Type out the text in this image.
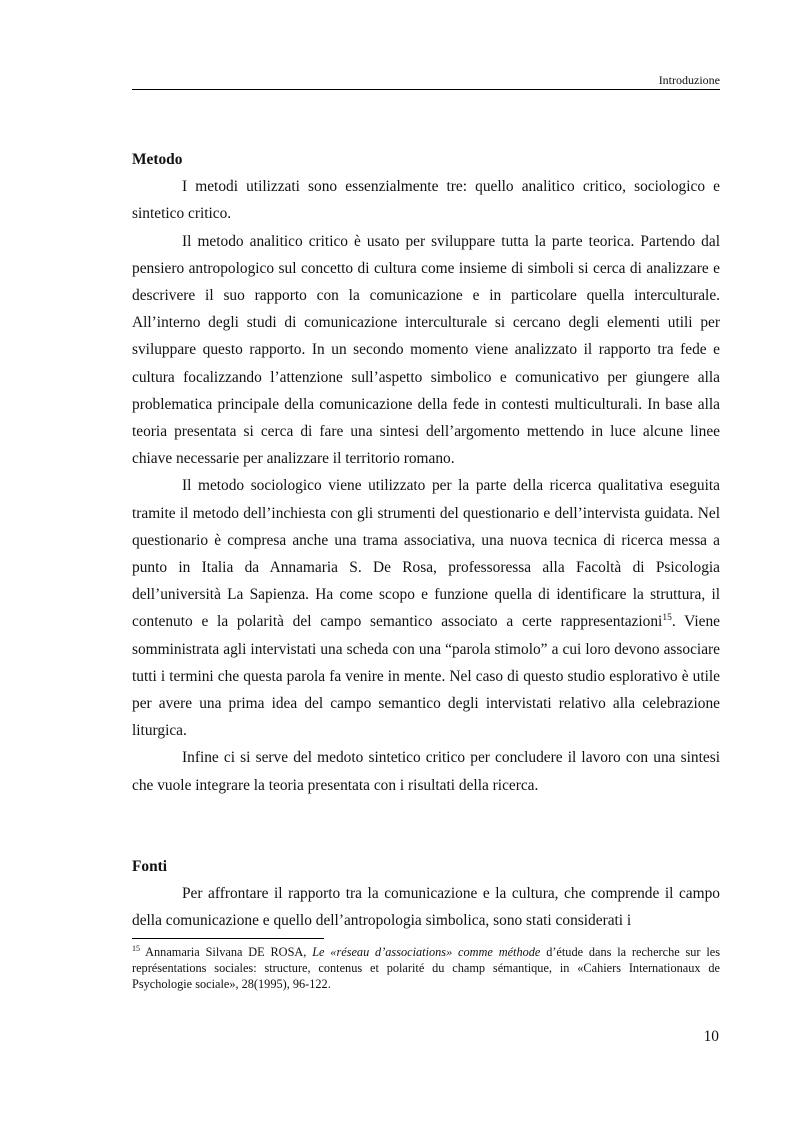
Introduzione
Metodo

I metodi utilizzati sono essenzialmente tre: quello analitico critico, sociologico e sintetico critico.

Il metodo analitico critico è usato per sviluppare tutta la parte teorica. Partendo dal pensiero antropologico sul concetto di cultura come insieme di simboli si cerca di analizzare e descrivere il suo rapporto con la comunicazione e in particolare quella interculturale. All’interno degli studi di comunicazione interculturale si cercano degli elementi utili per sviluppare questo rapporto. In un secondo momento viene analizzato il rapporto tra fede e cultura focalizzando l’attenzione sull’aspetto simbolico e comunicativo per giungere alla problematica principale della comunicazione della fede in contesti multiculturali. In base alla teoria presentata si cerca di fare una sintesi dell’argomento mettendo in luce alcune linee chiave necessarie per analizzare il territorio romano.

Il metodo sociologico viene utilizzato per la parte della ricerca qualitativa eseguita tramite il metodo dell’inchiesta con gli strumenti del questionario e dell’intervista guidata. Nel questionario è compresa anche una trama associativa, una nuova tecnica di ricerca messa a punto in Italia da Annamaria S. De Rosa, professoressa alla Facoltà di Psicologia dell’università La Sapienza. Ha come scopo e funzione quella di identificare la struttura, il contenuto e la polarità del campo semantico associato a certe rappresentazioni$^{15}$. Viene somministrata agli intervistati una scheda con una “parola stimolo” a cui loro devono associare tutti i termini che questa parola fa venire in mente. Nel caso di questo studio esplorativo è utile per avere una prima idea del campo semantico degli intervistati relativo alla celebrazione liturgica.

Infine ci si serve del medoto sintetico critico per concludere il lavoro con una sintesi che vuole integrare la teoria presentata con i risultati della ricerca.

Fonti

Per affrontare il rapporto tra la comunicazione e la cultura, che comprende il campo della comunicazione e quello dell’antropologia simbolica, sono stati considerati i

$^{15}$ Annamaria Silvana DE ROSA, Le «réseau d’associations» comme méthode d’étude dans la recherche sur les représentations sociales: structure, contenus et polarité du champ sémantique, in «Cahiers Internationaux de Psychologie sociale», 28(1995), 96-122.
10
